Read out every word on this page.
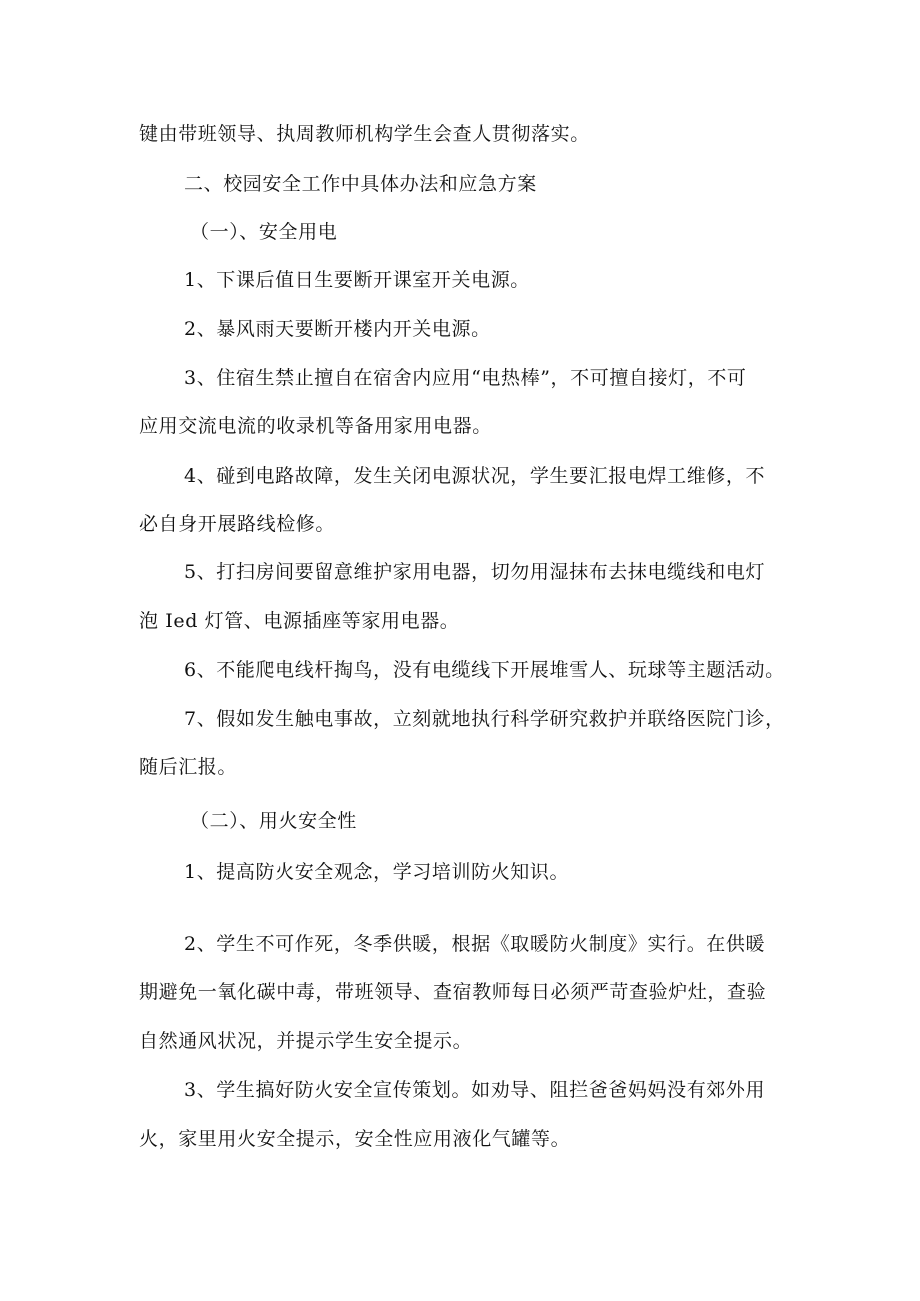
键由带班领导、执周教师机构学生会查人贯彻落实。
二、校园安全工作中具体办法和应急方案
（一）、安全用电
1、下课后值日生要断开课室开关电源。
2、暴风雨天要断开楼内开关电源。
3、住宿生禁止擅自在宿舍内应用“电热棒”，不可擅自接灯，不可
应用交流电流的收录机等备用家用电器。
4、碰到电路故障，发生关闭电源状况，学生要汇报电焊工维修，不
必自身开展路线检修。
5、打扫房间要留意维护家用电器，切勿用湿抹布去抹电缆线和电灯
泡 Ied 灯管、电源插座等家用电器。
6、不能爬电线杆掏鸟，没有电缆线下开展堆雪人、玩球等主题活动。
7、假如发生触电事故，立刻就地执行科学研究救护并联络医院门诊，
随后汇报。
（二）、用火安全性
1、提高防火安全观念，学习培训防火知识。
2、学生不可作死，冬季供暖，根据《取暖防火制度》实行。在供暖
期避免一氧化碳中毒，带班领导、查宿教师每日必须严苛查验炉灶，查验
自然通风状况，并提示学生安全提示。
3、学生搞好防火安全宣传策划。如劝导、阻拦爸爸妈妈没有郊外用
火，家里用火安全提示，安全性应用液化气罐等。
